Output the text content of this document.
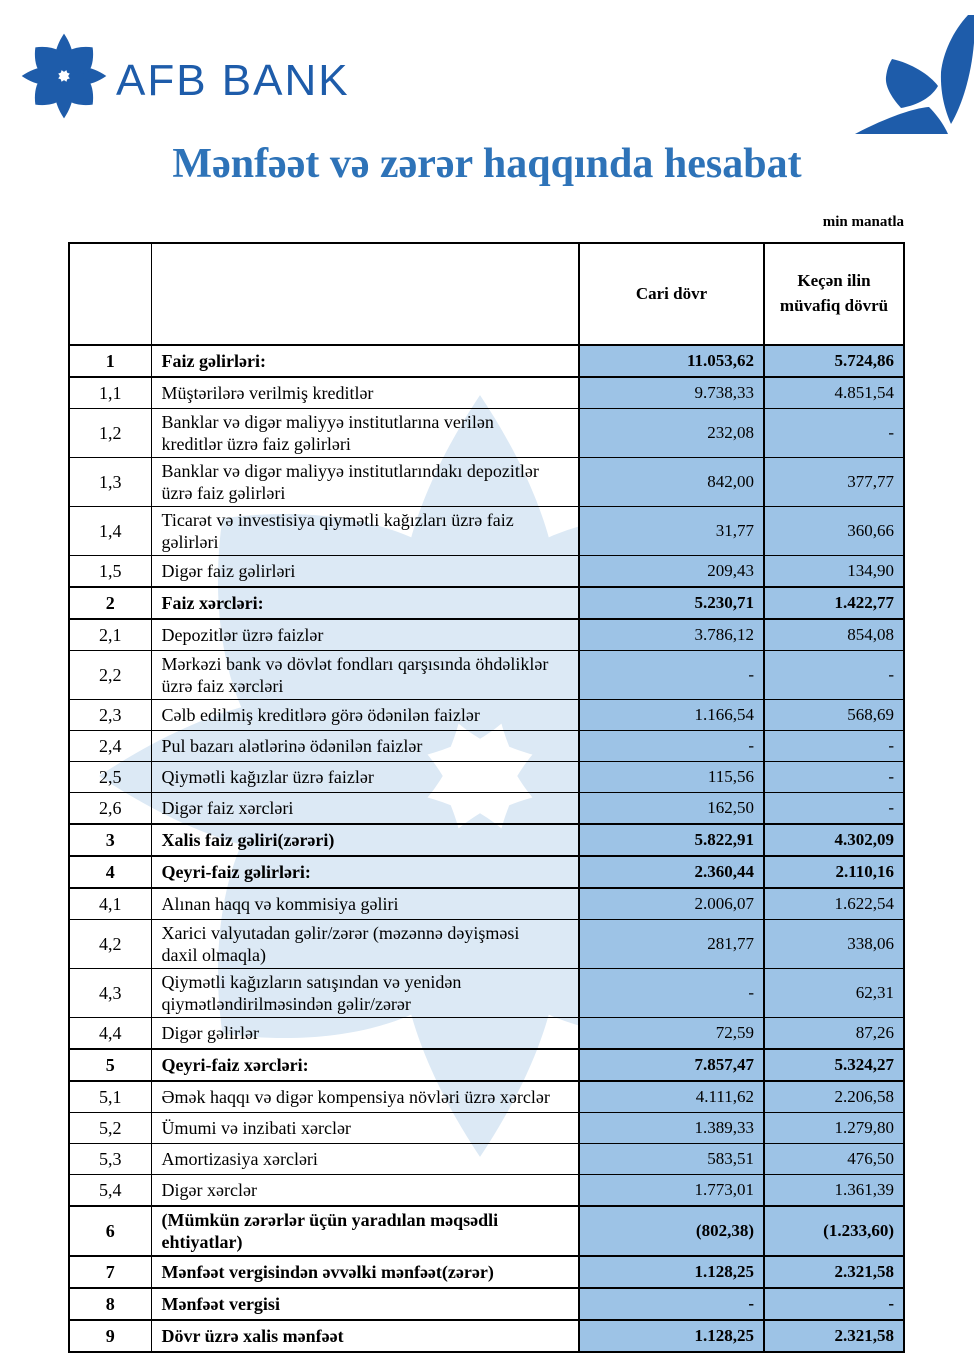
AFB BANK
Mənfəət və zərər haqqında hesabat
min manatla
		Cari dövr	Keçən ilin müvafiq dövrü
1	Faiz gəlirləri:	11.053,62	5.724,86
1,1	Müştərilərə verilmiş kreditlər	9.738,33	4.851,54
1,2	Banklar və digər maliyyə institutlarına verilən kreditlər üzrə faiz gəlirləri	232,08	-
1,3	Banklar və digər maliyyə institutlarındakı depozitlər üzrə faiz gəlirləri	842,00	377,77
1,4	Ticarət və investisiya qiymətli kağızları üzrə faiz gəlirləri	31,77	360,66
1,5	Digər faiz gəlirləri	209,43	134,90
2	Faiz xərcləri:	5.230,71	1.422,77
2,1	Depozitlər üzrə faizlər	3.786,12	854,08
2,2	Mərkəzi bank və dövlət fondları qarşısında öhdəliklər üzrə faiz xərcləri	-	-
2,3	Cəlb edilmiş kreditlərə görə ödənilən faizlər	1.166,54	568,69
2,4	Pul bazarı alətlərinə ödənilən faizlər	-	-
2,5	Qiymətli kağızlar üzrə faizlər	115,56	-
2,6	Digər faiz xərcləri	162,50	-
3	Xalis faiz gəliri(zərəri)	5.822,91	4.302,09
4	Qeyri-faiz gəlirləri:	2.360,44	2.110,16
4,1	Alınan haqq və kommisiya gəliri	2.006,07	1.622,54
4,2	Xarici valyutadan gəlir/zərər (məzənnə dəyişməsi daxil olmaqla)	281,77	338,06
4,3	Qiymətli kağızların satışından və yenidən qiymətləndirilməsindən gəlir/zərər	-	62,31
4,4	Digər gəlirlər	72,59	87,26
5	Qeyri-faiz xərcləri:	7.857,47	5.324,27
5,1	Əmək haqqı və digər kompensiya növləri üzrə xərclər	4.111,62	2.206,58
5,2	Ümumi və inzibati xərclər	1.389,33	1.279,80
5,3	Amortizasiya xərcləri	583,51	476,50
5,4	Digər xərclər	1.773,01	1.361,39
6	(Mümkün zərərlər üçün yaradılan məqsədli ehtiyatlar)	(802,38)	(1.233,60)
7	Mənfəət vergisindən əvvəlki mənfəət(zərər)	1.128,25	2.321,58
8	Mənfəət vergisi	-	-
9	Dövr üzrə xalis mənfəət	1.128,25	2.321,58
